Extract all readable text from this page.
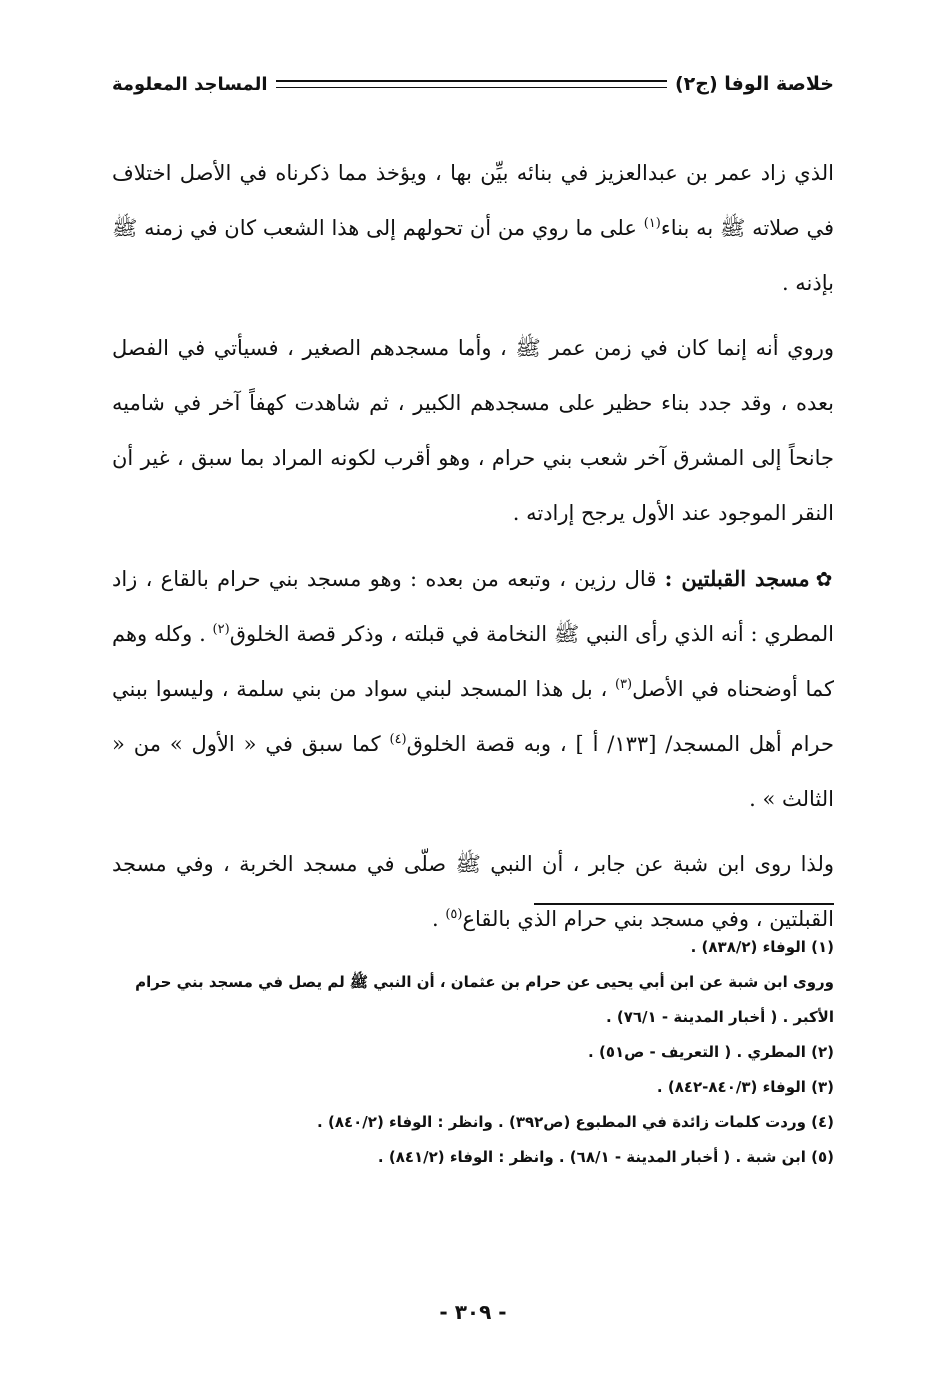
خلاصة الوفا (ج٢)
المساجد المعلومة

الذي زاد عمر بن عبدالعزيز في بنائه بيِّن بها ، ويؤخذ مما ذكرناه في الأصل اختلاف في صلاته ﷺ به بناء$^{(١)}$ على ما روي من أن تحولهم إلى هذا الشعب كان في زمنه ﷺ بإذنه .

وروي أنه إنما كان في زمن عمر ﷺ ، وأما مسجدهم الصغير ، فسيأتي في الفصل بعده ، وقد جدد بناء حظير على مسجدهم الكبير ، ثم شاهدت كهفاً آخر في شاميه جانحاً إلى المشرق آخر شعب بني حرام ، وهو أقرب لكونه المراد بما سبق ، غير أن النقر الموجود عند الأول يرجح إرادته .

✿مسجد القبلتين : قال رزين ، وتبعه من بعده : وهو مسجد بني حرام بالقاع ، زاد المطري : أنه الذي رأى النبي ﷺ النخامة في قبلته ، وذكر قصة الخلوق$^{(٢)}$ . وكله وهم كما أوضحناه في الأصل$^{(٣)}$ ، بل هذا المسجد لبني سواد من بني سلمة ، وليسوا ببني حرام أهل المسجد/ [١٣٣/ أ ] ، وبه قصة الخلوق$^{(٤)}$ كما سبق في « الأول » من « الثالث » .

ولذا روى ابن شبة عن جابر ، أن النبي ﷺ صلّى في مسجد الخربة ، وفي مسجد القبلتين ، وفي مسجد بني حرام الذي بالقاع$^{(٥)}$ .

(١) الوفاء (٨٣٨/٢) .

وروى ابن شبة عن ابن أبي يحيى عن حرام بن عثمان ، أن النبي ﷺ لم يصل في مسجد بني حرام الأكبر . ( أخبار المدينة - ٧٦/١) .

(٢) المطري . ( التعريف - ص٥١) .

(٣) الوفاء (٨٤٠/٣-٨٤٢) .

(٤) وردت كلمات زائدة في المطبوع (ص٣٩٢) . وانظر : الوفاء (٨٤٠/٢) .

(٥) ابن شبة . ( أخبار المدينة - ٦٨/١) . وانظر : الوفاء (٨٤١/٢) .

- ٣٠٩ -
